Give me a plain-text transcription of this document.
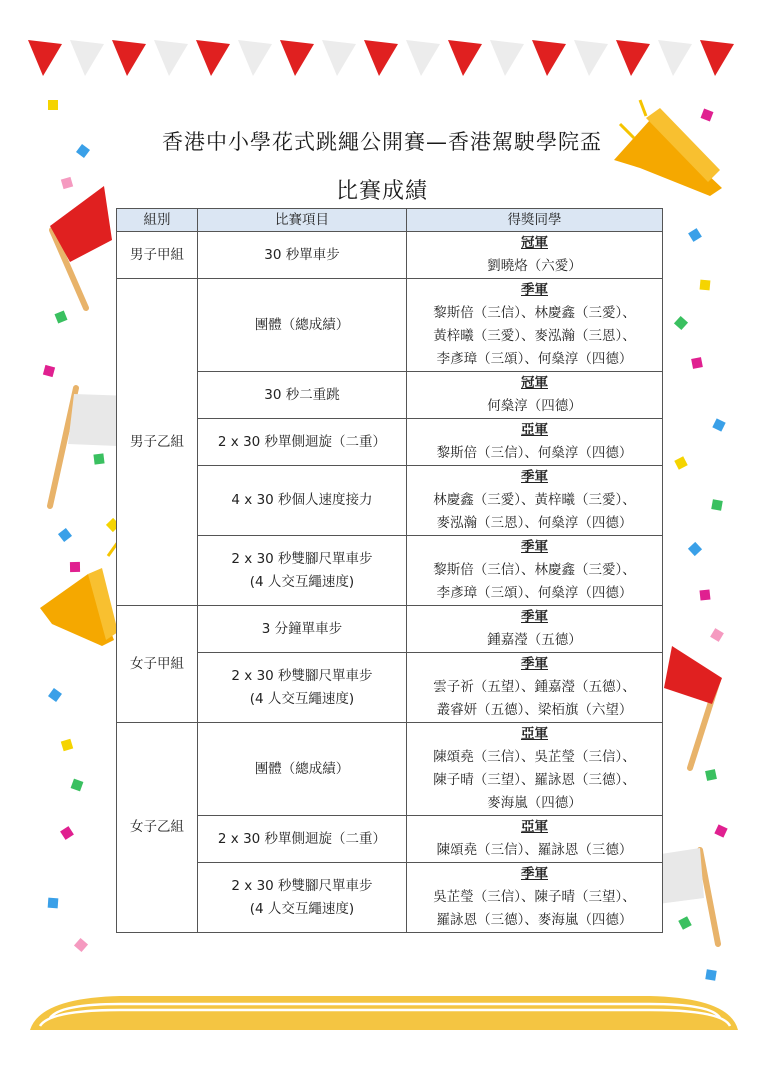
香港中小學花式跳繩公開賽—香港駕駛學院盃
比賽成績
組別	比賽項目	得獎同學
男子甲組	30 秒單車步	冠軍
劉曉烙（六愛）

男子乙組	團體（總成績）	季軍
黎斯倍（三信）、林慶鑫（三愛）、
黃梓曦（三愛）、麥泓瀚（三恩）、
李彥璋（三頌）、何燊淳（四德）

	30 秒二重跳	冠軍
何燊淳（四德）

	2 x 30 秒單側迴旋（二重）	亞軍
黎斯倍（三信）、何燊淳（四德）

	4 x 30 秒個人速度接力	季軍
林慶鑫（三愛）、黃梓曦（三愛）、
麥泓瀚（三恩）、何燊淳（四德）

	2 x 30 秒雙腳尺單車步
(4 人交互繩速度)	季軍
黎斯倍（三信）、林慶鑫（三愛）、
李彥璋（三頌）、何燊淳（四德）

女子甲組	3 分鐘單車步	季軍
鍾嘉瀅（五德）

	2 x 30 秒雙腳尺單車步
(4 人交互繩速度)	季軍
雲子祈（五望）、鍾嘉瀅（五德）、
叢睿妍（五德）、梁栢旗（六望）

女子乙組	團體（總成績）	亞軍
陳頌堯（三信）、吳芷瑩（三信）、
陳子晴（三望）、羅詠恩（三德）、
麥海嵐（四德）

	2 x 30 秒單側迴旋（二重）	亞軍
陳頌堯（三信）、羅詠恩（三德）

	2 x 30 秒雙腳尺單車步
(4 人交互繩速度)	季軍
吳芷瑩（三信）、陳子晴（三望）、
羅詠恩（三德）、麥海嵐（四德）
